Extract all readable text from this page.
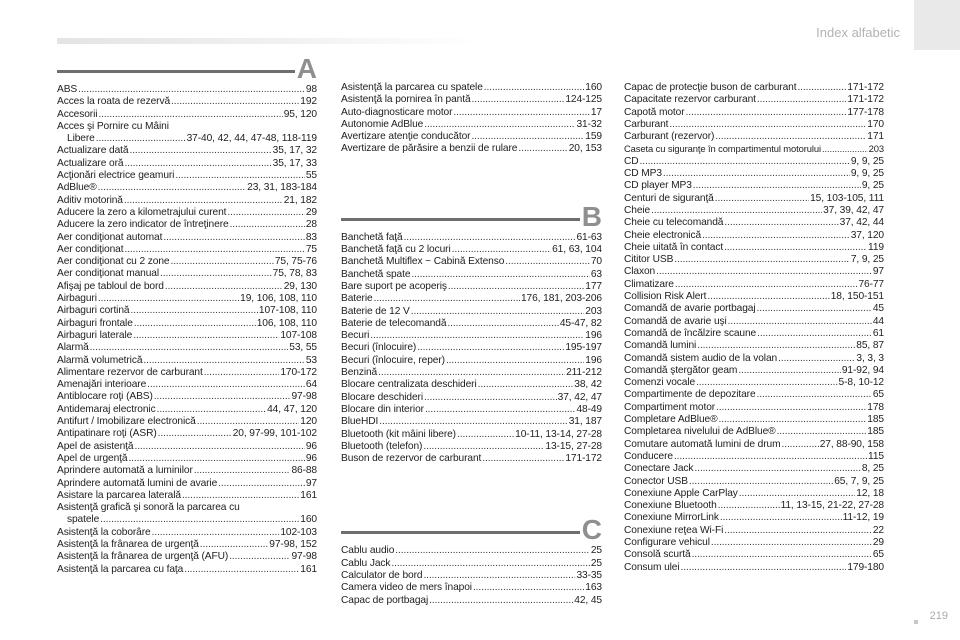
Index alfabetic
A
ABS .....	98
Acces la roata de rezervă .....	192
Accesorii .....	95, 120
Acces şi Pornire cu Mâini
Libere .....	37-40, 42, 44, 47-48, 118-119
Actualizare dată .....	35, 17, 32
Actualizare oră .....	35, 17, 33
Acţionări electrice geamuri .....	55
AdBlue® .....	23, 31, 183-184
Aditiv motorină .....	21, 182
Aducere la zero a kilometrajului curent .....	29
Aducere la zero indicator de întreţinere .....	28
Aer condiţionat automat .....	83
Aer condiţionat .....	75
Aer condiţionat cu 2 zone .....	75, 75-76
Aer condiţionat manual .....	75, 78, 83
Afişaj pe tabloul de bord .....	29, 130
Airbaguri .....	19, 106, 108, 110
Airbaguri cortină .....	107-108, 110
Airbaguri frontale .....	106, 108, 110
Airbaguri laterale .....	107-108
Alarmă .....	53, 55
Alarmă volumetrică .....	53
Alimentare rezervor de carburant .....	170-172
Amenajări interioare .....	64
Antiblocare roţi (ABS) .....	97-98
Antidemaraj electronic .....	44, 47, 120
Antifurt / Imobilizare electronică .....	120
Antipatinare roţi (ASR) .....	20, 97-99, 101-102
Apel de asistenţă .....	96
Apel de urgenţă .....	96
Aprindere automată a luminilor .....	86-88
Aprindere automată lumini de avarie .....	97
Asistare la parcarea laterală .....	161
Asistenţă grafică şi sonoră la parcarea cu
spatele .....	160
Asistenţă la coborâre .....	102-103
Asistenţă la frânarea de urgenţă .....	97-98, 152
Asistenţă la frânarea de urgenţă (AFU) .....	97-98
Asistenţă la parcarea cu faţa .....	161
Asistenţă la parcarea cu spatele .....	160
Asistenţă la pornirea în pantă .....	124-125
Auto-diagnosticare motor .....	17
Autonomie AdBlue .....	31-32
Avertizare atenţie conducător .....	159
Avertizare de părăsire a benzii de rulare .....	20, 153
B
Banchetă faţă .....	61-63
Banchetă faţă cu 2 locuri .....	61, 63, 104
Banchetă Multiflex ~ Cabină Extenso .....	70
Banchetă spate .....	63
Bare suport pe acoperiş .....	177
Baterie .....	176, 181, 203-206
Baterie de 12 V .....	203
Baterie de telecomandă .....	45-47, 82
Becuri .....	196
Becuri (înlocuire) .....	195-197
Becuri (înlocuire, reper) .....	196
Benzină .....	211-212
Blocare centralizata deschideri .....	38, 42
Blocare deschideri .....	37, 42, 47
Blocare din interior .....	48-49
BlueHDI .....	31, 187
Bluetooth (kit mâini libere) .....	10-11, 13-14, 27-28
Bluetooth (telefon) .....	13-15, 27-28
Buson de rezervor de carburant .....	171-172
C
Cablu audio .....	25
Cablu Jack .....	25
Calculator de bord .....	33-35
Camera video de mers înapoi .....	163
Capac de portbagaj .....	42, 45
Capac de protecţie buson de carburant .....	171-172
Capacitate rezervor carburant .....	171-172
Capotă motor .....	177-178
Carburant .....	170
Carburant (rezervor) .....	171
Caseta cu siguranţe în compartimentul motorului .....	203
CD .....	9, 9, 25
CD MP3 .....	9, 9, 25
CD player MP3 .....	9, 25
Centuri de siguranţă .....	15, 103-105, 111
Cheie .....	37, 39, 42, 47
Cheie cu telecomandă .....	37, 42, 44
Cheie electronică .....	37, 120
Cheie uitată în contact .....	119
Cititor USB .....	7, 9, 25
Claxon .....	97
Climatizare .....	76-77
Collision Risk Alert .....	18, 150-151
Comandă de avarie portbagaj .....	45
Comandă de avarie uşi .....	44
Comandă de încălzire scaune .....	61
Comandă lumini .....	85, 87
Comandă sistem audio de la volan .....	3, 3, 3
Comandă ştergător geam .....	91-92, 94
Comenzi vocale .....	5-8, 10-12
Compartimente de depozitare .....	65
Compartiment motor .....	178
Completare AdBlue® .....	185
Completarea nivelului de AdBlue® .....	185
Comutare automată lumini de drum .....	27, 88-90, 158
Conducere .....	115
Conectare Jack .....	8, 25
Conector USB .....	65, 7, 9, 25
Conexiune Apple CarPlay .....	12, 18
Conexiune Bluetooth .....	11, 13-15, 21-22, 27-28
Conexiune MirrorLink .....	11-12, 19
Conexiune reţea Wi-Fi .....	22
Configurare vehicul .....	29
Consolă scurtă .....	65
Consum ulei .....	179-180
219
